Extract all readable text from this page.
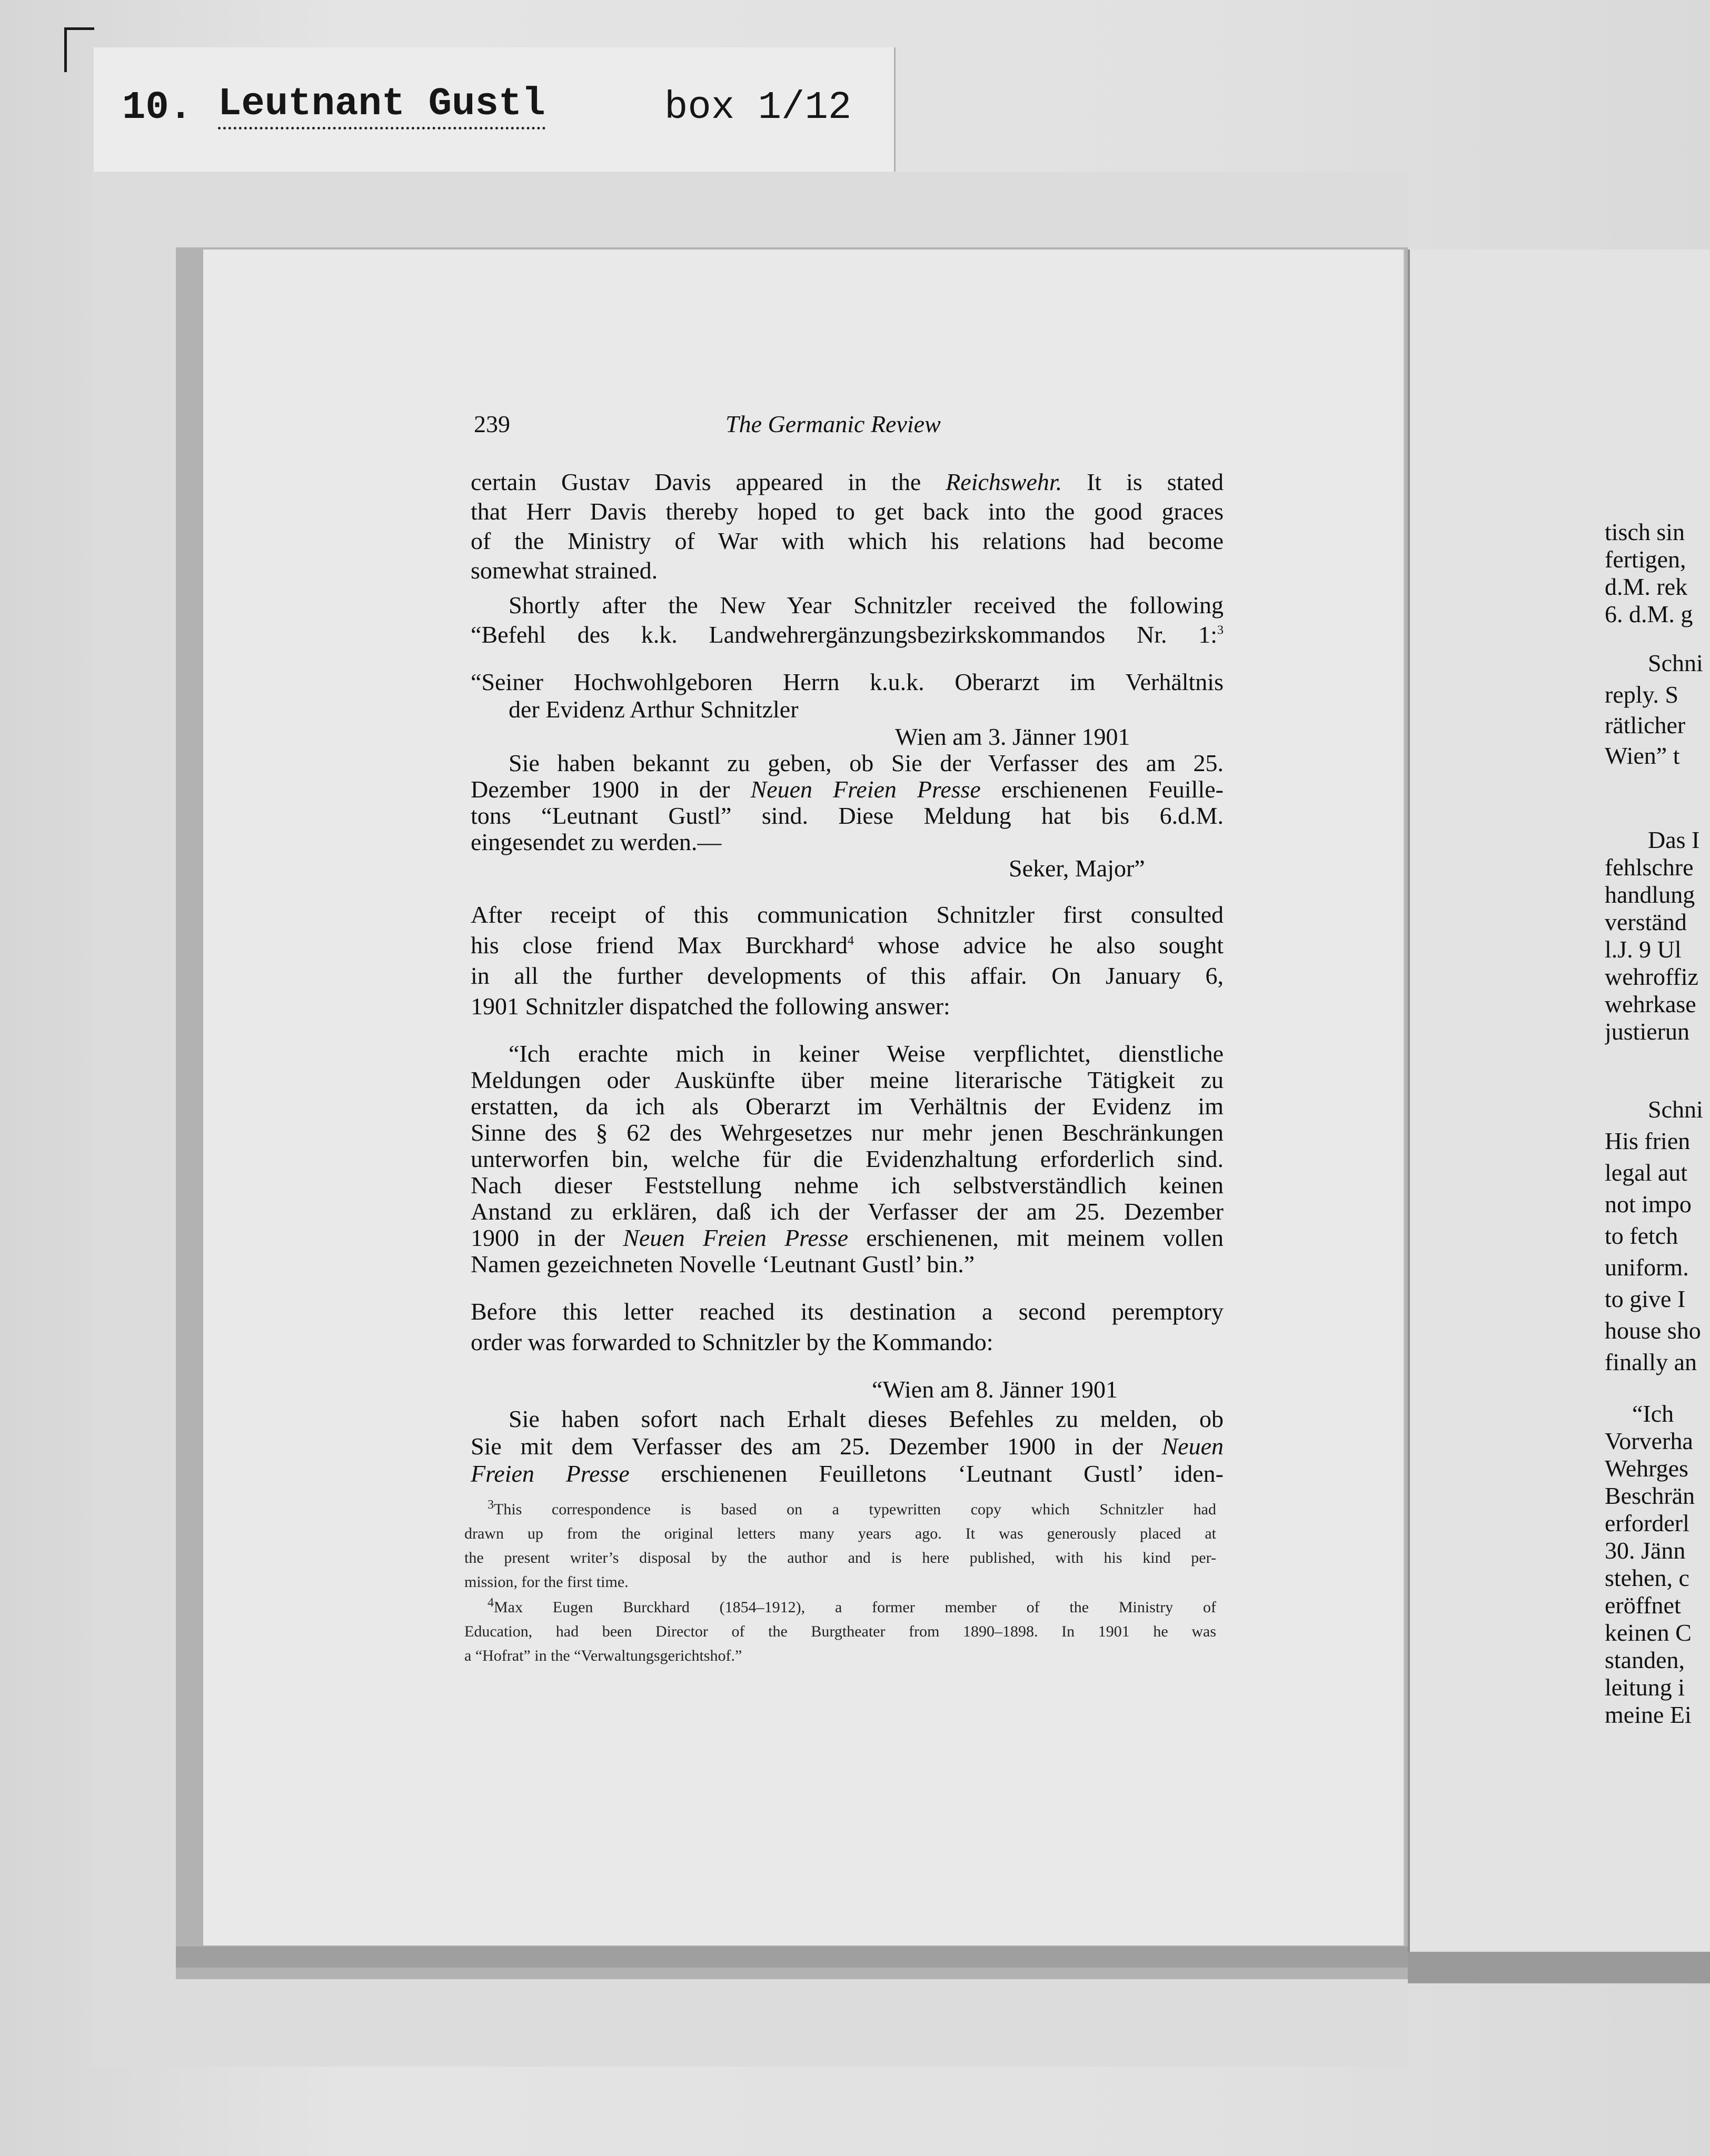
10. Leutnant Gustl	box 1/12

239	The Germanic Review

certain Gustav Davis appeared in the Reichswehr. It is stated

that Herr Davis thereby hoped to get back into the good graces

of the Ministry of War with which his relations had become

somewhat strained.

Shortly after the New Year Schnitzler received the following

“Befehl des k.k. Landwehrergänzungsbezirkskommandos Nr. 1:$^3$

“Seiner Hochwohlgeboren Herrn k.u.k. Oberarzt im Verhältnis

der Evidenz Arthur Schnitzler

Wien am 3. Jänner 1901

Sie haben bekannt zu geben, ob Sie der Verfasser des am 25.

Dezember 1900 in der Neuen Freien Presse erschienenen Feuille-

tons “Leutnant Gustl” sind. Diese Meldung hat bis 6.d.M.

eingesendet zu werden.—

Seker, Major”

After receipt of this communication Schnitzler first consulted

his close friend Max Burckhard$^4$ whose advice he also sought

in all the further developments of this affair. On January 6,

1901 Schnitzler dispatched the following answer:

“Ich erachte mich in keiner Weise verpflichtet, dienstliche

Meldungen oder Auskünfte über meine literarische Tätigkeit zu

erstatten, da ich als Oberarzt im Verhältnis der Evidenz im

Sinne des § 62 des Wehrgesetzes nur mehr jenen Beschränkungen

unterworfen bin, welche für die Evidenzhaltung erforderlich sind.

Nach dieser Feststellung nehme ich selbstverständlich keinen

Anstand zu erklären, daß ich der Verfasser der am 25. Dezember

1900 in der Neuen Freien Presse erschienenen, mit meinem vollen

Namen gezeichneten Novelle ‘Leutnant Gustl’ bin.”

Before this letter reached its destination a second peremptory

order was forwarded to Schnitzler by the Kommando:

“Wien am 8. Jänner 1901

Sie haben sofort nach Erhalt dieses Befehles zu melden, ob

Sie mit dem Verfasser des am 25. Dezember 1900 in der Neuen

Freien Presse erschienenen Feuilletons ‘Leutnant Gustl’ iden-

$^3$This correspondence is based on a typewritten copy which Schnitzler had

drawn up from the original letters many years ago. It was generously placed at

the present writer’s disposal by the author and is here published, with his kind per-

mission, for the first time.

$^4$Max Eugen Burckhard (1854–1912), a former member of the Ministry of

Education, had been Director of the Burgtheater from 1890–1898. In 1901 he was

a “Hofrat” in the “Verwaltungsgerichtshof.”

tisch sin

fertigen,

d.M. rek

6. d.M. g

Schni

reply. S

rätlicher

Wien” t

Das I

fehlschre

handlung

verständ

l.J. 9 Ul

wehroffiz

wehrkase

justierun

Schni

His frien

legal aut

not impo

to fetch

uniform.

to give I

house sho

finally an

“Ich

Vorverha

Wehrges

Beschrän

erforderl

30. Jänn

stehen, c

eröffnet

keinen C

standen,

leitung i

meine Ei
